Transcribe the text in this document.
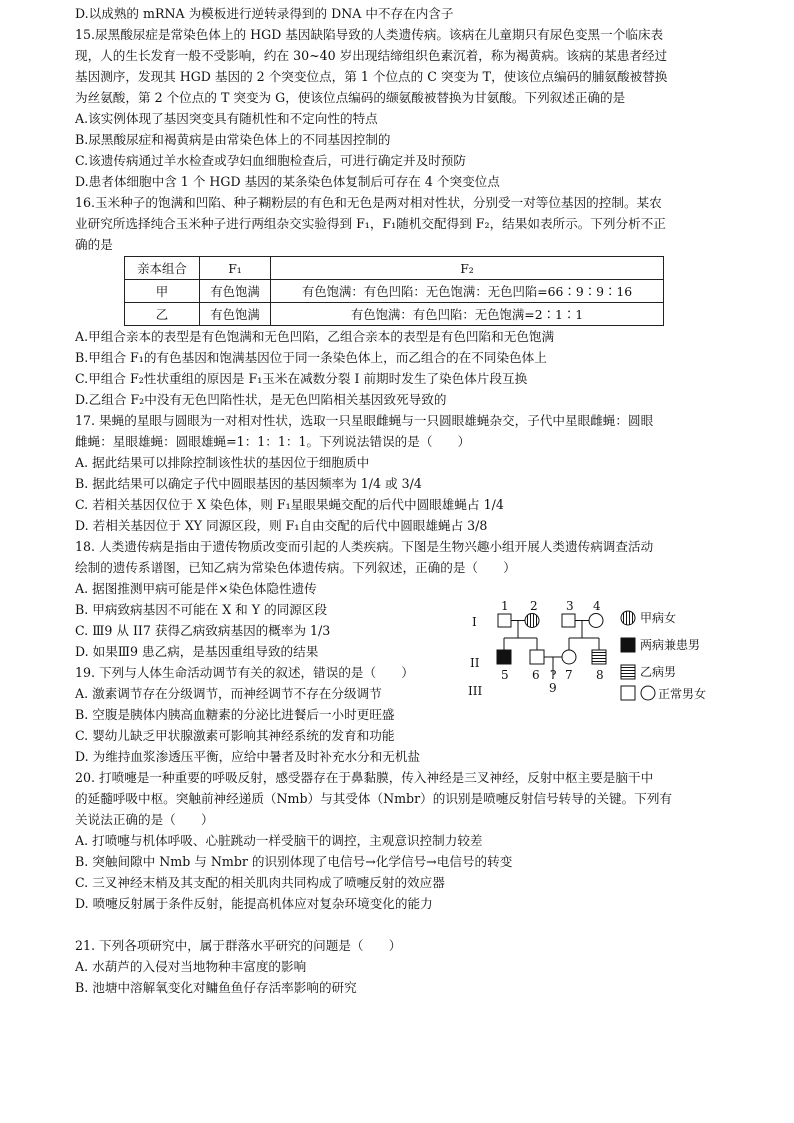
D.以成熟的 mRNA 为模板进行逆转录得到的 DNA 中不存在内含子
15.尿黑酸尿症是常染色体上的 HGD 基因缺陷导致的人类遗传病。该病在儿童期只有尿色变黑一个临床表
现，人的生长发育一般不受影响，约在 30~40 岁出现结缔组织色素沉着，称为褐黄病。该病的某患者经过
基因测序，发现其 HGD 基因的 2 个突变位点，第 1 个位点的 C 突变为 T，使该位点编码的脯氨酸被替换
为丝氨酸，第 2 个位点的 T 突变为 G，使该位点编码的缬氨酸被替换为甘氨酸。下列叙述正确的是
A.该实例体现了基因突变具有随机性和不定向性的特点
B.尿黑酸尿症和褐黄病是由常染色体上的不同基因控制的
C.该遗传病通过羊水检查或孕妇血细胞检查后，可进行确定并及时预防
D.患者体细胞中含 1 个 HGD 基因的某条染色体复制后可存在 4 个突变位点
16.玉米种子的饱满和凹陷、种子糊粉层的有色和无色是两对相对性状，分别受一对等位基因的控制。某农
业研究所选择纯合玉米种子进行两组杂交实验得到 F₁，F₁随机交配得到 F₂，结果如表所示。下列分析不正
确的是
亲本组合	F₁	F₂
甲	有色饱满	有色饱满：有色凹陷：无色饱满：无色凹陷=66∶9∶9∶16
乙	有色饱满	有色饱满：有色凹陷：无色饱满=2∶1∶1
A.甲组合亲本的表型是有色饱满和无色凹陷，乙组合亲本的表型是有色凹陷和无色饱满
B.甲组合 F₁的有色基因和饱满基因位于同一条染色体上，而乙组合的在不同染色体上
C.甲组合 F₂性状重组的原因是 F₁玉米在减数分裂 I 前期时发生了染色体片段互换
D.乙组合 F₂中没有无色凹陷性状，是无色凹陷相关基因致死导致的
17. 果蝇的星眼与圆眼为一对相对性状，选取一只星眼雌蝇与一只圆眼雄蝇杂交，子代中星眼雌蝇：圆眼
雌蝇：星眼雄蝇：圆眼雄蝇=1：1：1：1。下列说法错误的是（　　）
A. 据此结果可以排除控制该性状的基因位于细胞质中
B. 据此结果可以确定子代中圆眼基因的基因频率为 1/4 或 3/4
C. 若相关基因仅位于 X 染色体，则 F₁星眼果蝇交配的后代中圆眼雄蝇占 1/4
D. 若相关基因位于 XY 同源区段，则 F₁自由交配的后代中圆眼雄蝇占 3/8
18. 人类遗传病是指由于遗传物质改变而引起的人类疾病。下图是生物兴趣小组开展人类遗传病调查活动
绘制的遗传系谱图，已知乙病为常染色体遗传病。下列叙述，正确的是（　　）
A. 据图推测甲病可能是伴×染色体隐性遗传
B. 甲病致病基因不可能在 X 和 Y 的同源区段
C. Ⅲ9 从 II7 获得乙病致病基因的概率为 1/3
D. 如果Ⅲ9 患乙病，是基因重组导致的结果
I
II
III
1 2 3 4
5 6 ? 7 8
9
甲病女
两病兼患男
乙病男
正常男女
19. 下列与人体生命活动调节有关的叙述，错误的是（　　）
A. 激素调节存在分级调节，而神经调节不存在分级调节
B. 空腹是胰体内胰高血糖素的分泌比进餐后一小时更旺盛
C. 婴幼儿缺乏甲状腺激素可影响其神经系统的发育和功能
D. 为维持血浆渗透压平衡，应给中暑者及时补充水分和无机盐
20. 打喷嚏是一种重要的呼吸反射，感受器存在于鼻黏膜，传入神经是三叉神经，反射中枢主要是脑干中
的延髓呼吸中枢。突触前神经递质（Nmb）与其受体（Nmbr）的识别是喷嚏反射信号转导的关键。下列有
关说法正确的是（　　）
A. 打喷嚏与机体呼吸、心脏跳动一样受脑干的调控，主观意识控制力较差
B. 突触间隙中 Nmb 与 Nmbr 的识别体现了电信号→化学信号→电信号的转变
C. 三叉神经末梢及其支配的相关肌肉共同构成了喷嚏反射的效应器
D. 喷嚏反射属于条件反射，能提高机体应对复杂环境变化的能力
21. 下列各项研究中，属于群落水平研究的问题是（　　）
A. 水葫芦的入侵对当地物种丰富度的影响
B. 池塘中溶解氧变化对鳙鱼鱼仔存活率影响的研究
